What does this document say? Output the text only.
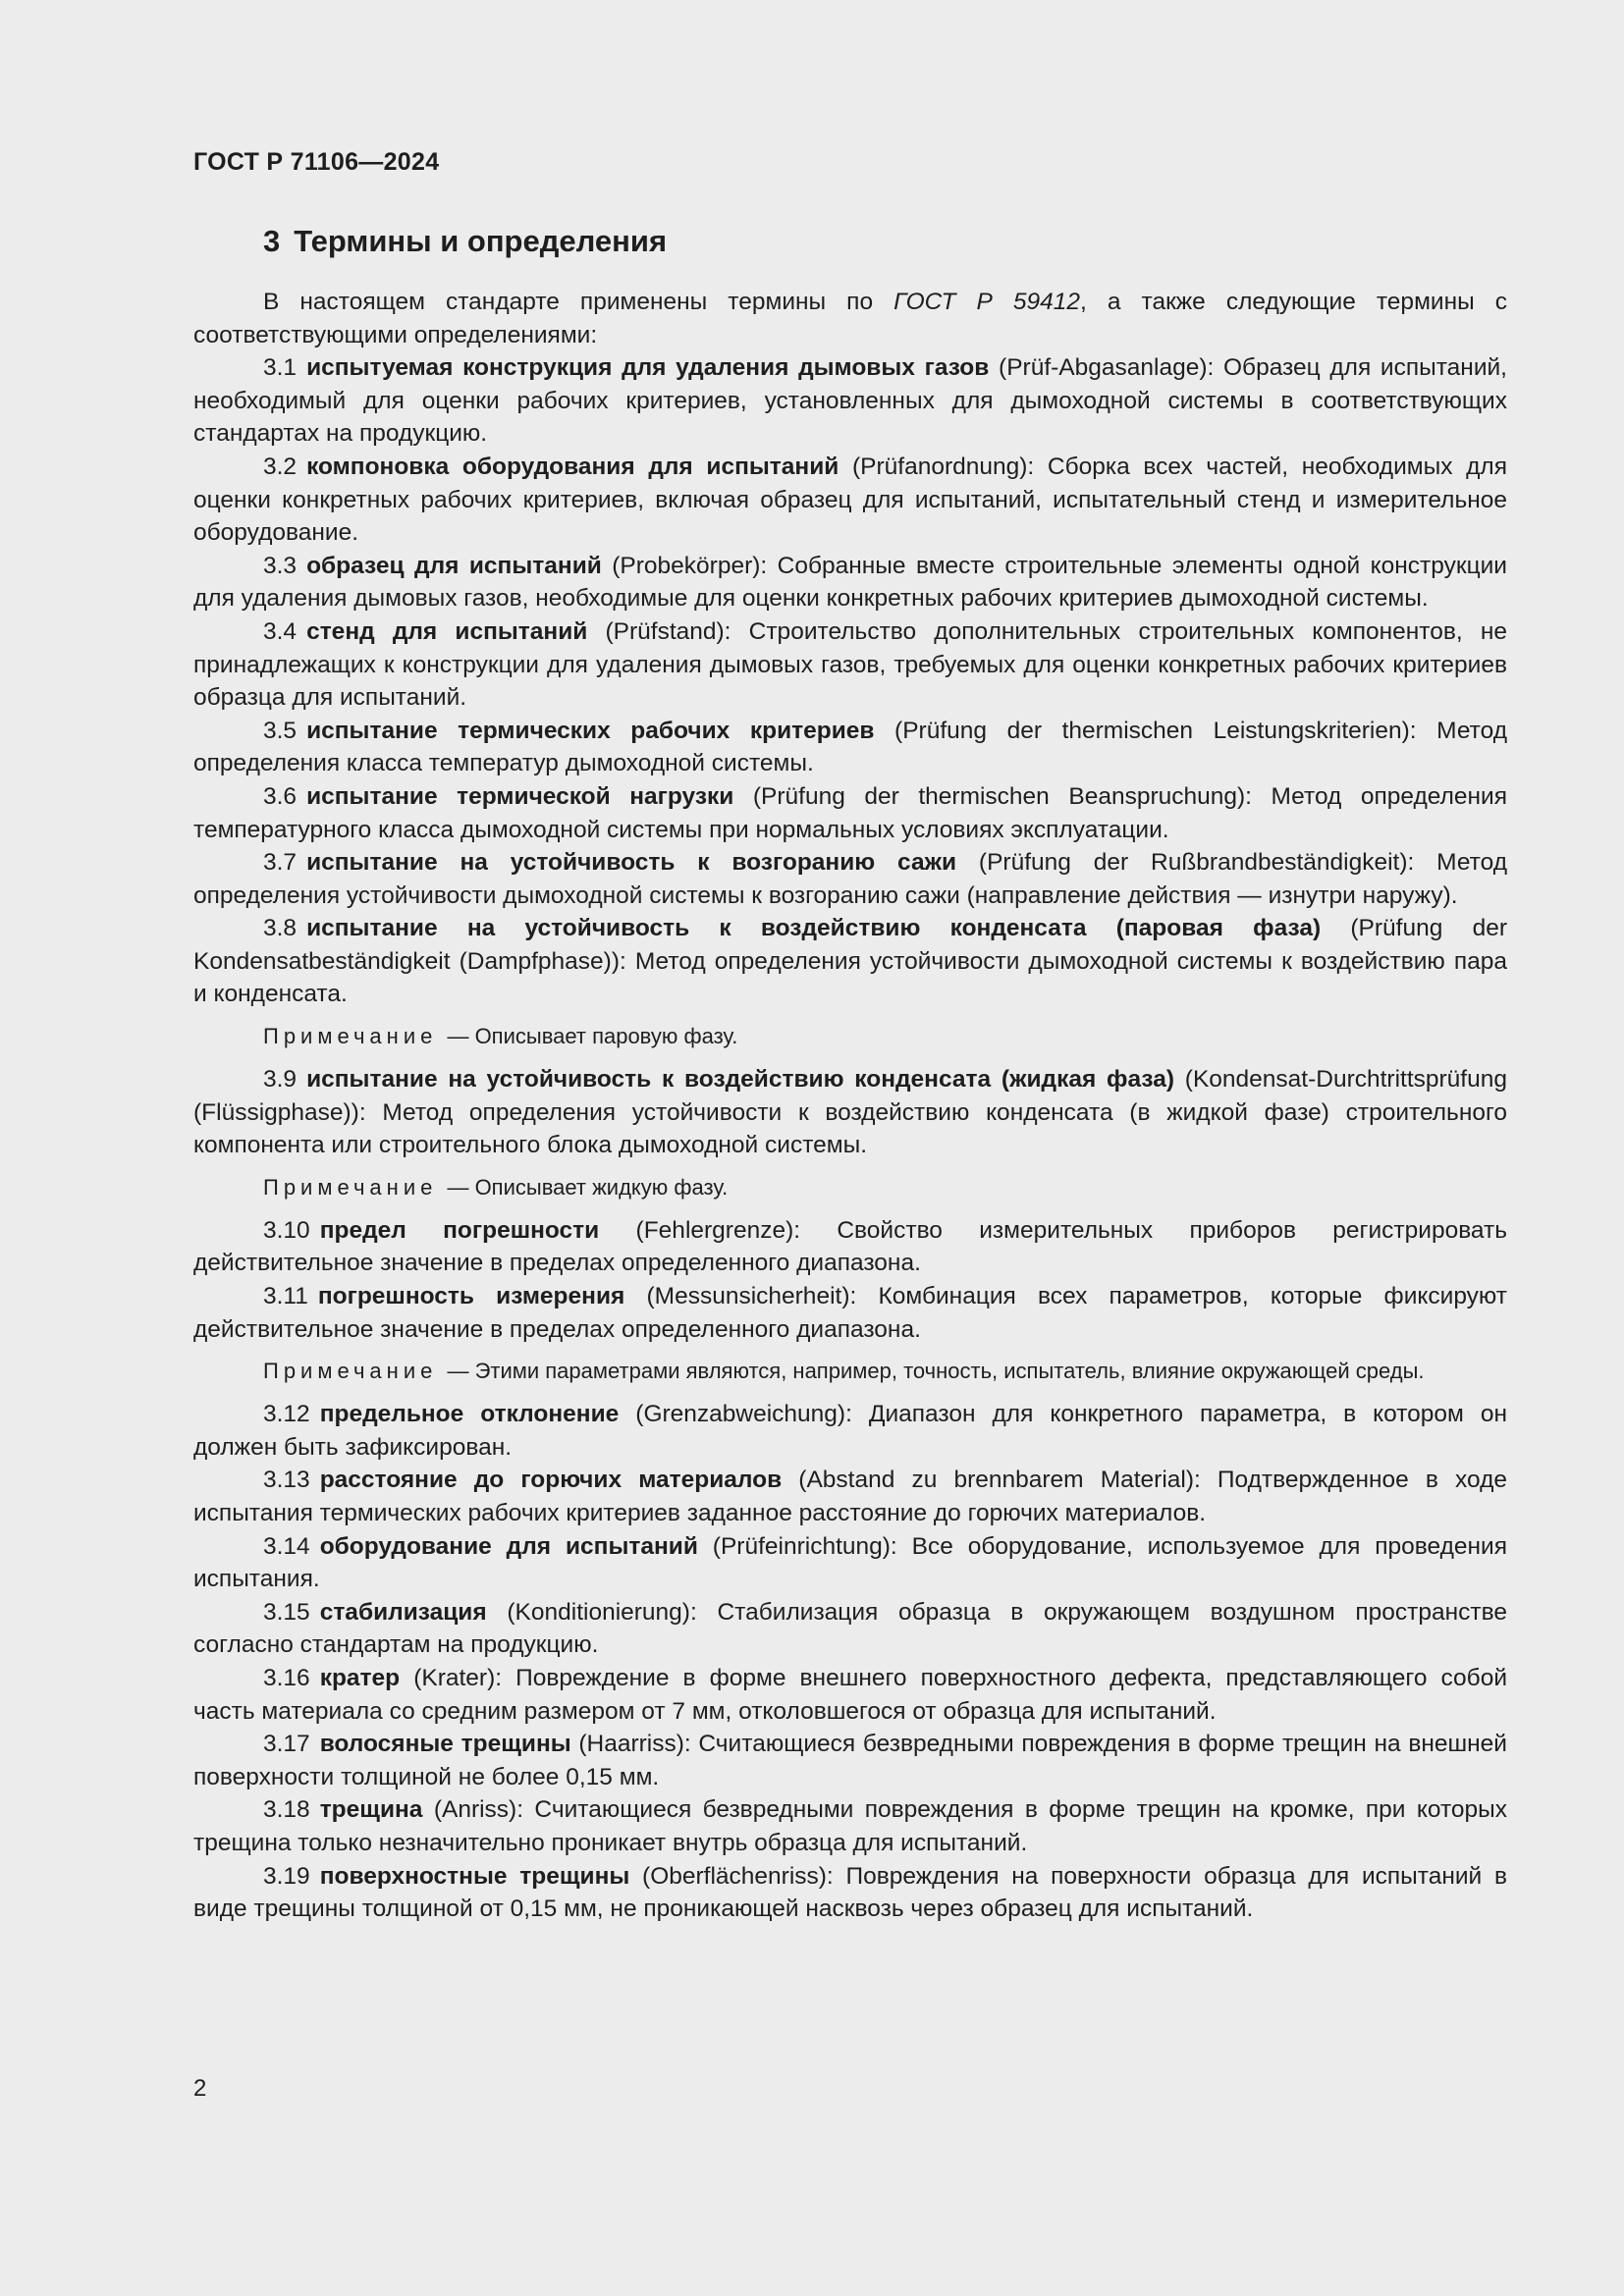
ГОСТ Р 71106—2024
3 Термины и определения

В настоящем стандарте применены термины по ГОСТ Р 59412, а также следующие термины с соответствующими определениями:

3.1 испытуемая конструкция для удаления дымовых газов (Prüf-Abgasanlage): Образец для испытаний, необходимый для оценки рабочих критериев, установленных для дымоходной системы в соответствующих стандартах на продукцию.

3.2 компоновка оборудования для испытаний (Prüfanordnung): Сборка всех частей, необходимых для оценки конкретных рабочих критериев, включая образец для испытаний, испытательный стенд и измерительное оборудование.

3.3 образец для испытаний (Probekörper): Собранные вместе строительные элементы одной конструкции для удаления дымовых газов, необходимые для оценки конкретных рабочих критериев дымоходной системы.

3.4 стенд для испытаний (Prüfstand): Строительство дополнительных строительных компонентов, не принадлежащих к конструкции для удаления дымовых газов, требуемых для оценки конкретных рабочих критериев образца для испытаний.

3.5 испытание термических рабочих критериев (Prüfung der thermischen Leistungskriterien): Метод определения класса температур дымоходной системы.

3.6 испытание термической нагрузки (Prüfung der thermischen Beanspruchung): Метод определения температурного класса дымоходной системы при нормальных условиях эксплуатации.

3.7 испытание на устойчивость к возгоранию сажи (Prüfung der Rußbrandbeständigkeit): Метод определения устойчивости дымоходной системы к возгоранию сажи (направление действия — изнутри наружу).

3.8 испытание на устойчивость к воздействию конденсата (паровая фаза) (Prüfung der Kondensatbeständigkeit (Dampfphase)): Метод определения устойчивости дымоходной системы к воздействию пара и конденсата.

Примечание — Описывает паровую фазу.

3.9 испытание на устойчивость к воздействию конденсата (жидкая фаза) (Kondensat-Durchtrittsprüfung (Flüssigphase)): Метод определения устойчивости к воздействию конденсата (в жидкой фазе) строительного компонента или строительного блока дымоходной системы.

Примечание — Описывает жидкую фазу.

3.10 предел погрешности (Fehlergrenze): Свойство измерительных приборов регистрировать действительное значение в пределах определенного диапазона.

3.11 погрешность измерения (Messunsicherheit): Комбинация всех параметров, которые фиксируют действительное значение в пределах определенного диапазона.

Примечание — Этими параметрами являются, например, точность, испытатель, влияние окружающей среды.

3.12 предельное отклонение (Grenzabweichung): Диапазон для конкретного параметра, в котором он должен быть зафиксирован.

3.13 расстояние до горючих материалов (Abstand zu brennbarem Material): Подтвержденное в ходе испытания термических рабочих критериев заданное расстояние до горючих материалов.

3.14 оборудование для испытаний (Prüfeinrichtung): Все оборудование, используемое для проведения испытания.

3.15 стабилизация (Konditionierung): Стабилизация образца в окружающем воздушном пространстве согласно стандартам на продукцию.

3.16 кратер (Krater): Повреждение в форме внешнего поверхностного дефекта, представляющего собой часть материала со средним размером от 7 мм, отколовшегося от образца для испытаний.

3.17 волосяные трещины (Haarriss): Считающиеся безвредными повреждения в форме трещин на внешней поверхности толщиной не более 0,15 мм.

3.18 трещина (Anriss): Считающиеся безвредными повреждения в форме трещин на кромке, при которых трещина только незначительно проникает внутрь образца для испытаний.

3.19 поверхностные трещины (Oberflächenriss): Повреждения на поверхности образца для испытаний в виде трещины толщиной от 0,15 мм, не проникающей насквозь через образец для испытаний.

2
